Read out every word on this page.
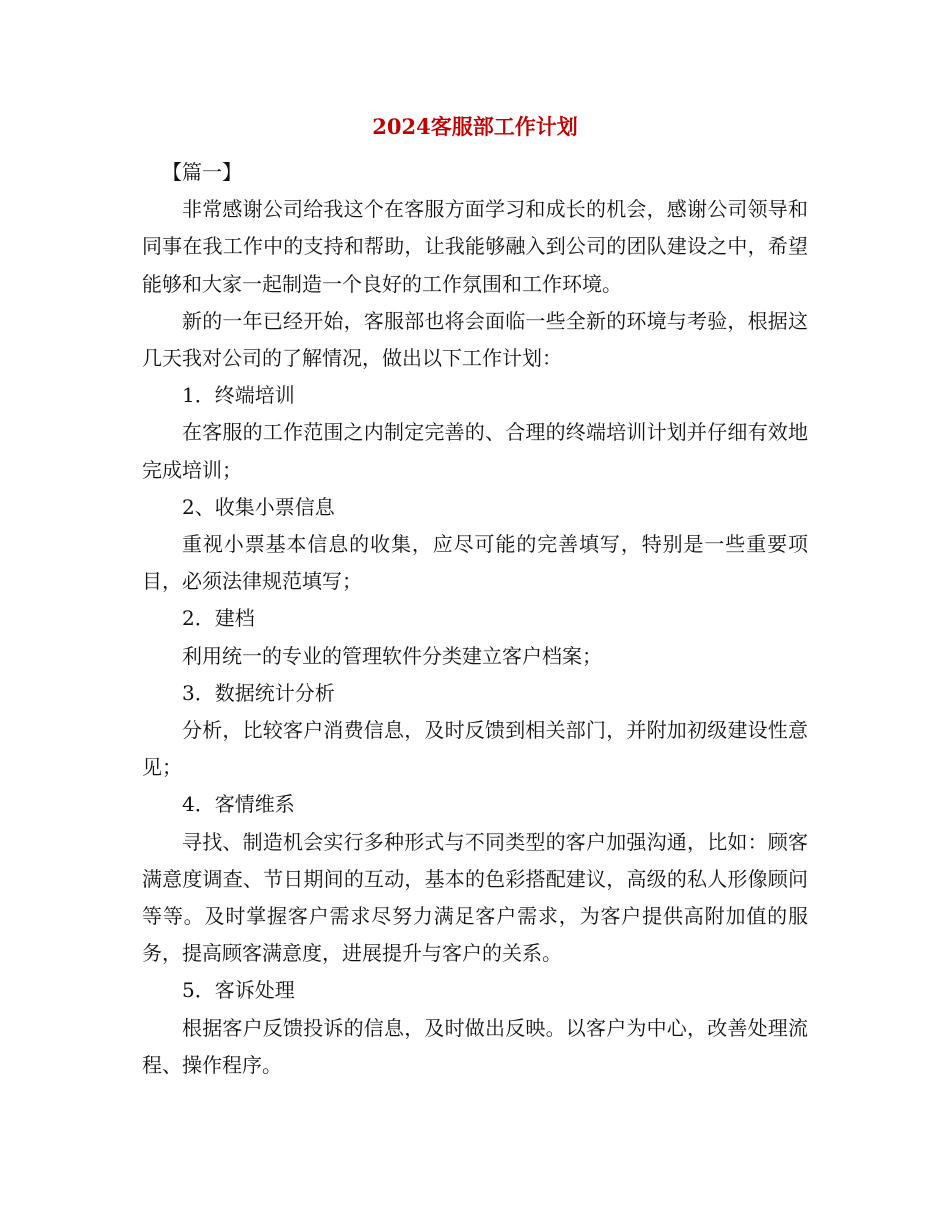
2024客服部工作计划

【篇一】

非常感谢公司给我这个在客服方面学习和成长的机会，感谢公司领导和同事在我工作中的支持和帮助，让我能够融入到公司的团队建设之中，希望能够和大家一起制造一个良好的工作氛围和工作环境。

新的一年已经开始，客服部也将会面临一些全新的环境与考验，根据这几天我对公司的了解情况，做出以下工作计划：

1．终端培训

在客服的工作范围之内制定完善的、合理的终端培训计划并仔细有效地完成培训；

2、收集小票信息

重视小票基本信息的收集，应尽可能的完善填写，特别是一些重要项目，必须法律规范填写；

2．建档

利用统一的专业的管理软件分类建立客户档案；

3．数据统计分析

分析，比较客户消费信息，及时反馈到相关部门，并附加初级建设性意见；

4．客情维系

寻找、制造机会实行多种形式与不同类型的客户加强沟通，比如：顾客满意度调查、节日期间的互动，基本的色彩搭配建议，高级的私人形像顾问等等。及时掌握客户需求尽努力满足客户需求，为客户提供高附加值的服务，提高顾客满意度，进展提升与客户的关系。

5．客诉处理

根据客户反馈投诉的信息，及时做出反映。以客户为中心，改善处理流程、操作程序。
